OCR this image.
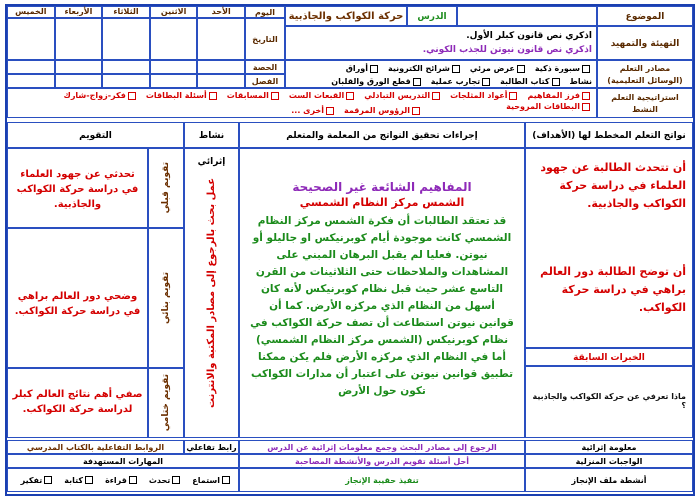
الموضوع
الدرس
حركة الكواكب والجاذبية
اليوم
الأحد
الاثنين
الثلاثاء
الأربعاء
الخميس
التهيئة والتمهيد
اذكري نص قانون كبلر الأول.
اذكري نص قانون نيوتن للجذب الكوني.
التاريخ
الحصة
الفصل
مصادر التعلم
(الوسائل التعليمية)
سبورة ذكية
عرض مرئي
شرائح الكترونية
أوراق
نشاط
كتاب الطالبة
تجارب عملية
قطع الورق والقلبان
استراتيجية التعلم
النشط
فرز المفاهيم
أعواد المثلجات
التدريس التبادلي
القبعات الست
المسابقات
أسئلة البطاقات
فكر-زواج-شارك
البطاقات المروحية
الرؤوس المرقمة
أخرى ...
نواتج التعلم المخطط لها (الأهداف)
إجراءات تحقيق النواتج من المعلمة والمتعلم
نشاط إثرائي
التقويم
أن تتحدث الطالبة عن جهود العلماء في دراسة حركة الكواكب والجاذبية.
أن توضح الطالبة دور العالم براهي في دراسة حركة الكواكب.
الخبرات السابقة
ماذا تعرفي عن حركة الكواكب والجاذبية ؟
المفاهيم الشائعة غير الصحيحة
الشمس مركز النظام الشمسي
قد تعتقد الطالبات أن فكرة الشمس مركز النظام الشمسي كانت موجودة أيام كوبرنيكس او جاليلو أو نيوتن. فعليا لم يقبل البرهان المبني على المشاهدات والملاحظات حتى الثلاثينات من القرن التاسع عشر حيث قبل نظام كوبرنيكس لأنه كان أسهل من النظام الذي مركزه الأرض. كما أن قوانين نيوتن استطاعت أن تصف حركة الكواكب في نظام كوبرنيكس (الشمس مركز النظام الشمسي) أما في النظام الذي مركزه الأرض فلم يكن ممكنا تطبيق قوانين نيوتن على اعتبار أن مدارات الكواكب تكون حول الأرض
عمل بحث بالرجوع إلى مصادر المكتبة والانترنت
تقويم قبلي
تحدثي عن جهود العلماء في دراسة حركة الكواكب والجاذبية.
تقويم بنائي
وضحي دور العالم براهي في دراسة حركة الكواكب.
تقويم ختامي
صفي أهم نتائج العالم كبلر لدراسة حركة الكواكب.
معلومة إثرائية
الرجوع إلى مصادر البحث وجمع معلومات إثرائية عن الدرس
رابط تفاعلي
الروابط التفاعلية بالكتاب المدرسي
الواجبات المنزلية
أحل أسئلة تقويم الدرس والأنشطة المصاحبة
المهارات المستهدفة
أنشطة ملف الإنجاز
تنفيذ حقيبة الإنجاز
استماع
تحدث
قراءة
كتابة
تفكير
